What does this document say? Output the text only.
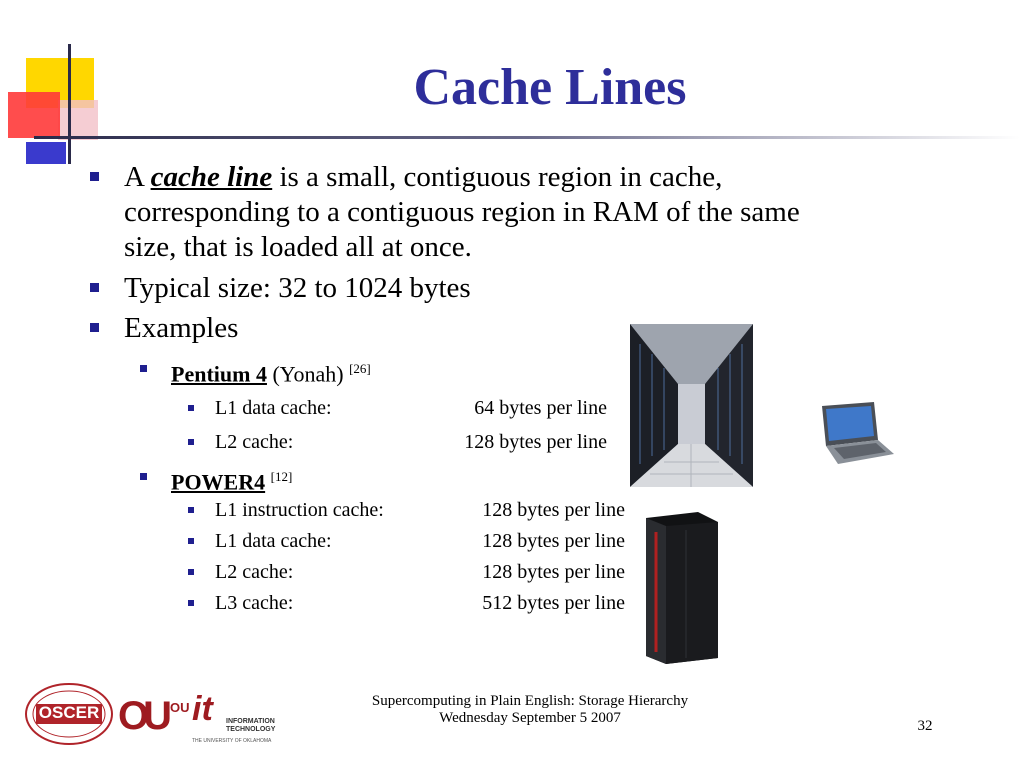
Cache Lines
A cache line is a small, contiguous region in cache,
corresponding to a contiguous region in RAM of the same
size, that is loaded all at once.
Typical size: 32 to 1024 bytes
Examples
Pentium 4 (Yonah) [26]
L1 data cache:	64 bytes per line
L2 cache:	128 bytes per line
POWER4 [12]
L1 instruction cache:	128 bytes per line
L1 data cache:	128 bytes per line
L2 cache:	128 bytes per line
L3 cache:	512 bytes per line
OSCER OU OU it INFORMATION
TECHNOLOGY
THE UNIVERSITY OF OKLAHOMA
Supercomputing in Plain English: Storage Hierarchy
Wednesday September 5 2007	32
